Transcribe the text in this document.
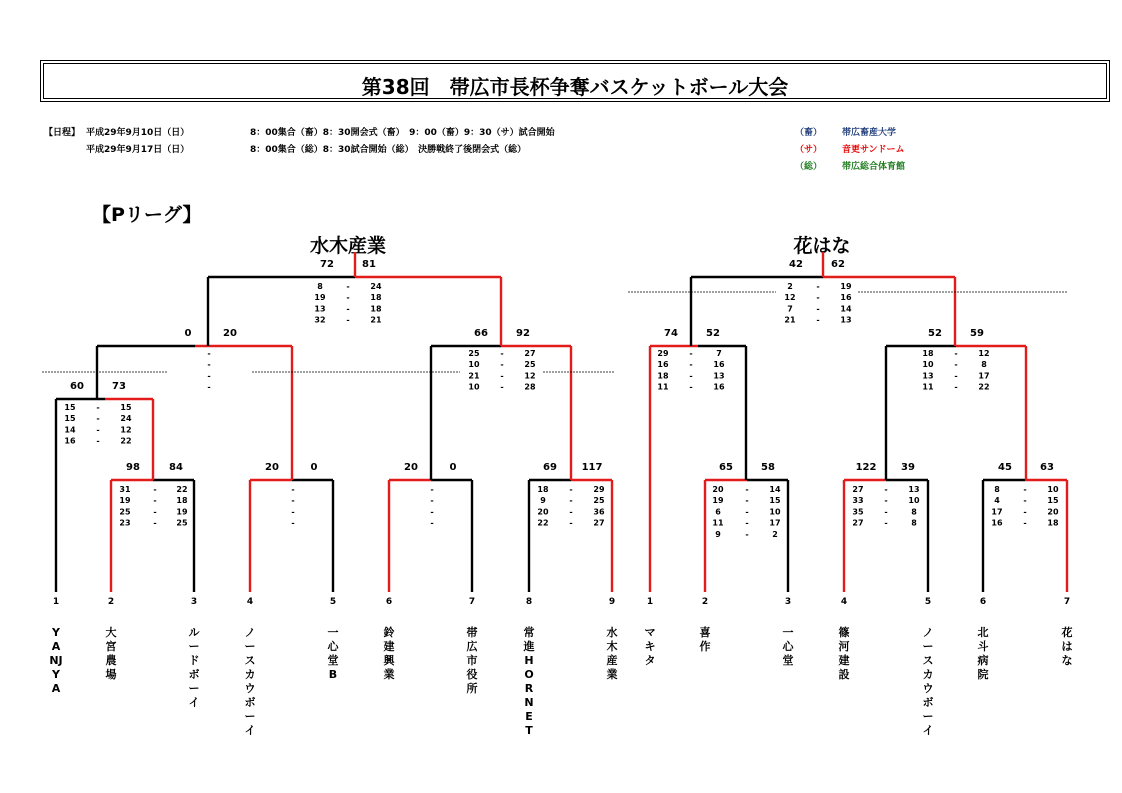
第38回　帯広市長杯争奪バスケットボール大会
【日程】 平成29年9月10日（日）	8：00集合（畜）8：30開会式（畜）　9：00（畜）9：30（サ）試合開始
平成29年9月17日（日）	8：00集合（総）8：30試合開始（総）　決勝戦終了後閉会式（総）
（畜） 帯広畜産大学
（サ） 音更サンドーム
（総） 帯広総合体育館
【Pリーグ】
水木産業	花はな
98	84
31	- 22
19	- 18
25	- 19
23	- 25
20	0
-
-
-
-
20	0
-
-
-
-
69 117
18	-	29
9	-	25
20	-	36
22	-	27
60	73
15	-	15
15	-	24
14	-	12
16	-	22
0	20
-
-
-
-
66	92
25	-	27
10	-	25
21	-	12
10	-	28
72	81
8	-	24
19	-	18
13	-	18
32	-	21
65	58
20	-	14
19	-	15
6	-	10
11	-	17
9	-	2
122 39
27	-	13
33	-	10
35	-	8
27	-	8
45	63
8	-	10
4	-	15
17	-	20
16	-	18
74	52
29	-	7
16	-	16
18	-	13
11	-	16
52	59
18	-	12
10	-	8
13	-	17
11	-	22
42	62
2	-	19
12	-	16
7	-	14
21	-	13
1	2	3	4	5	6	7	8	9	1	2	3	4	5	6	7
YANJYA
大宮農場
ルードボーイ
ノースカウボーイ
一心堂B
鈴建興業
帯広市役所
常進HORNET
水木産業
マキタ
喜作
一心堂
篠河建設
ノースカウボーイ
北斗病院
花はな
